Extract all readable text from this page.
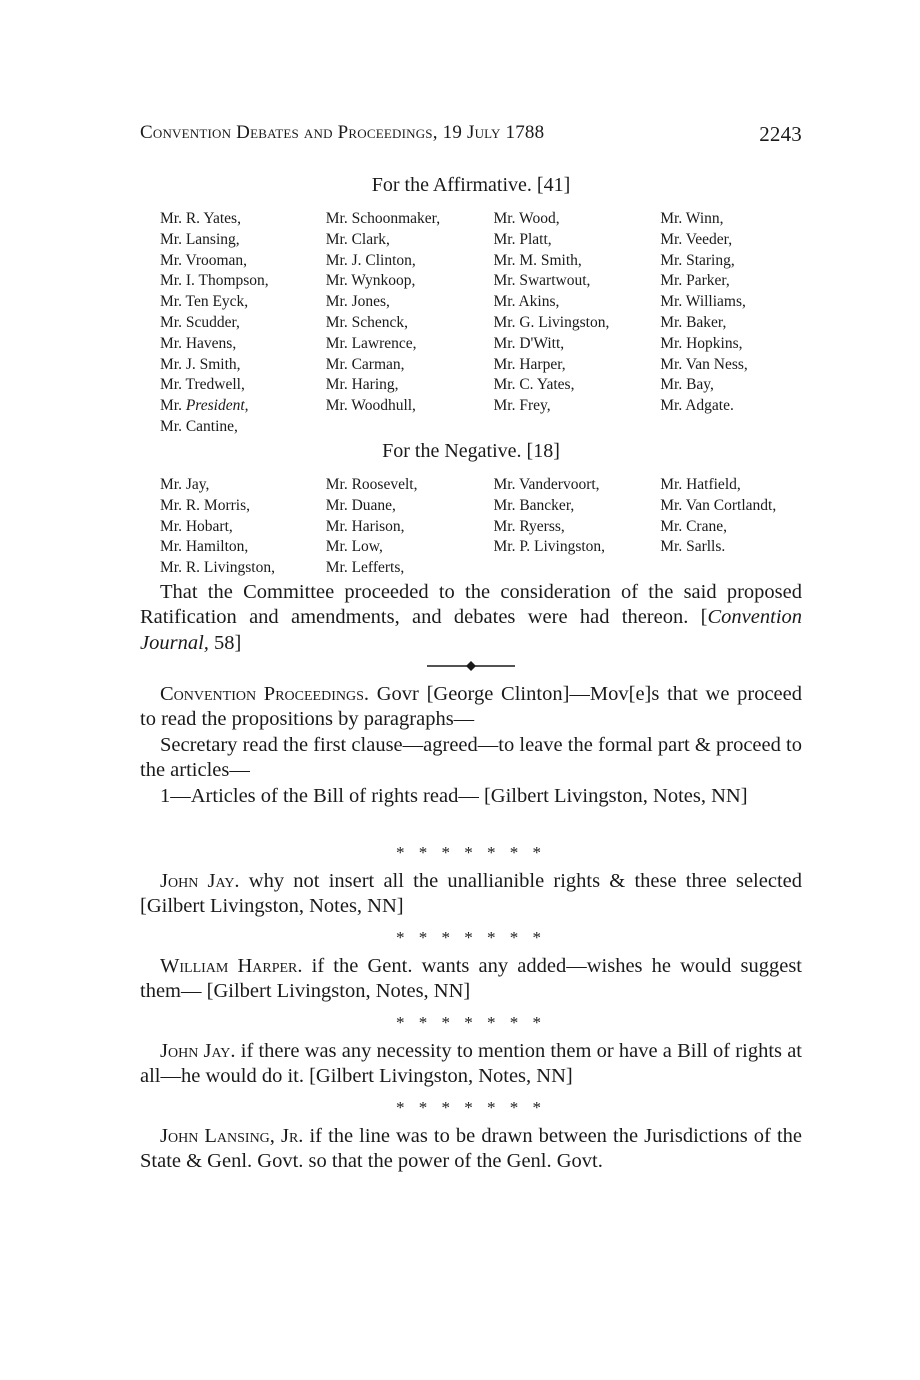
Convention Debates and Proceedings, 19 July 1788	2243
For the Affirmative. [41]
Mr. R. Yates,	Mr. Schoonmaker,	Mr. Wood,	Mr. Winn,
Mr. Lansing,	Mr. Clark,	Mr. Platt,	Mr. Veeder,
Mr. Vrooman,	Mr. J. Clinton,	Mr. M. Smith,	Mr. Staring,
Mr. I. Thompson,	Mr. Wynkoop,	Mr. Swartwout,	Mr. Parker,
Mr. Ten Eyck,	Mr. Jones,	Mr. Akins,	Mr. Williams,
Mr. Scudder,	Mr. Schenck,	Mr. G. Livingston,	Mr. Baker,
Mr. Havens,	Mr. Lawrence,	Mr. D'Witt,	Mr. Hopkins,
Mr. J. Smith,	Mr. Carman,	Mr. Harper,	Mr. Van Ness,
Mr. Tredwell,	Mr. Haring,	Mr. C. Yates,	Mr. Bay,
Mr. President,	Mr. Woodhull,	Mr. Frey,	Mr. Adgate.
Mr. Cantine,
For the Negative. [18]
Mr. Jay,	Mr. Roosevelt,	Mr. Vandervoort,	Mr. Hatfield,
Mr. R. Morris,	Mr. Duane,	Mr. Bancker,	Mr. Van Cortlandt,
Mr. Hobart,	Mr. Harison,	Mr. Ryerss,	Mr. Crane,
Mr. Hamilton,	Mr. Low,	Mr. P. Livingston,	Mr. Sarlls.
Mr. R. Livingston,	Mr. Lefferts,

That the Committee proceeded to the consideration of the said proposed Ratification and amendments, and debates were had thereon. [Convention Journal, 58]

Convention Proceedings. Govr [George Clinton]—Mov[e]s that we proceed to read the propositions by paragraphs—

Secretary read the first clause—agreed—to leave the formal part & proceed to the articles—

1—Articles of the Bill of rights read— [Gilbert Livingston, Notes, NN]

* * * * * * *

John Jay. why not insert all the unallianible rights & these three selected [Gilbert Livingston, Notes, NN]

* * * * * * *

William Harper. if the Gent. wants any added—wishes he would suggest them— [Gilbert Livingston, Notes, NN]

* * * * * * *

John Jay. if there was any necessity to mention them or have a Bill of rights at all—he would do it. [Gilbert Livingston, Notes, NN]

* * * * * * *

John Lansing, Jr. if the line was to be drawn between the Jurisdictions of the State & Genl. Govt. so that the power of the Genl. Govt.
